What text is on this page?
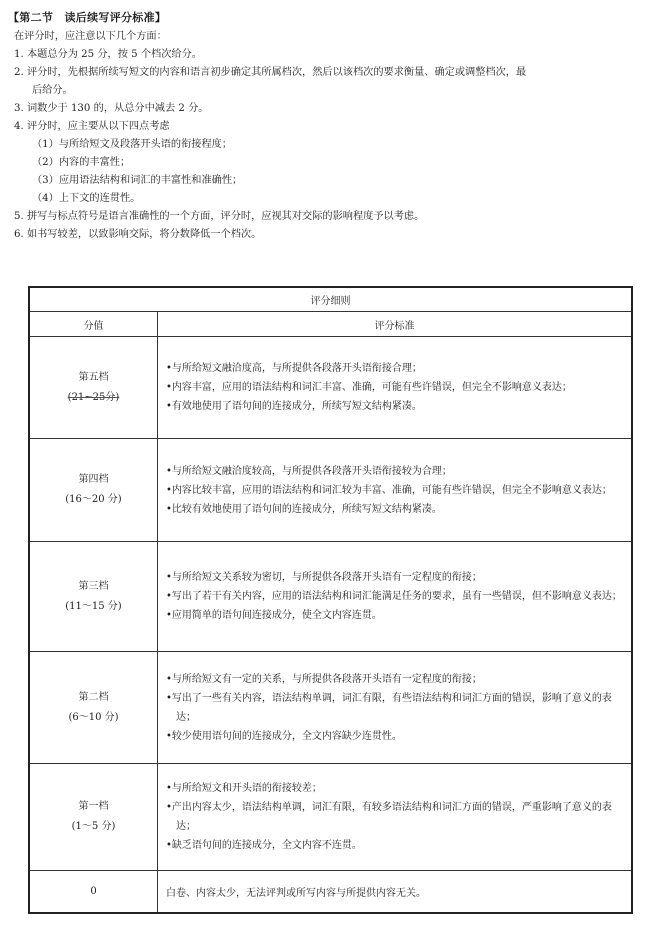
【第二节　读后续写评分标准】
在评分时，应注意以下几个方面：
1. 本题总分为 25 分，按 5 个档次给分。
2. 评分时，先根据所续写短文的内容和语言初步确定其所属档次，然后以该档次的要求衡量、确定或调整档次，最
后给分。
3. 词数少于 130 的，从总分中减去 2 分。
4. 评分时，应主要从以下四点考虑
（1）与所给短文及段落开头语的衔接程度；
（2）内容的丰富性；
（3）应用语法结构和词汇的丰富性和准确性；
（4）上下文的连贯性。
5. 拼写与标点符号是语言准确性的一个方面，评分时，应视其对交际的影响程度予以考虑。
6. 如书写较差，以致影响交际，将分数降低一个档次。
评分细则
分值	评分标准
第五档
(21~25分)
•与所给短文融洽度高，与所提供各段落开头语衔接合理；
•内容丰富，应用的语法结构和词汇丰富、准确，可能有些许错误，但完全不影响意义表达；
•有效地使用了语句间的连接成分，所续写短文结构紧凑。
第四档
(16～20 分)
•与所给短文融洽度较高，与所提供各段落开头语衔接较为合理；
•内容比较丰富，应用的语法结构和词汇较为丰富、准确，可能有些许错误，但完全不影响意义表达；
•比较有效地使用了语句间的连接成分，所续写短文结构紧凑。
第三档
(11～15 分)
•与所给短文关系较为密切，与所提供各段落开头语有一定程度的衔接；
•写出了若干有关内容，应用的语法结构和词汇能满足任务的要求，虽有一些错误，但不影响意义表达；
•应用简单的语句间连接成分，使全文内容连贯。
第二档
(6～10 分)
•与所给短文有一定的关系，与所提供各段落开头语有一定程度的衔接；
•写出了一些有关内容，语法结构单调，词汇有限，有些语法结构和词汇方面的错误，影响了意义的表达；
•较少使用语句间的连接成分，全文内容缺少连贯性。
第一档
(1～5 分)
•与所给短文和开头语的衔接较差；
•产出内容太少，语法结构单调，词汇有限，有较多语法结构和词汇方面的错误，严重影响了意义的表达；
•缺乏语句间的连接成分，全文内容不连贯。
0	白卷、内容太少，无法评判或所写内容与所提供内容无关。
